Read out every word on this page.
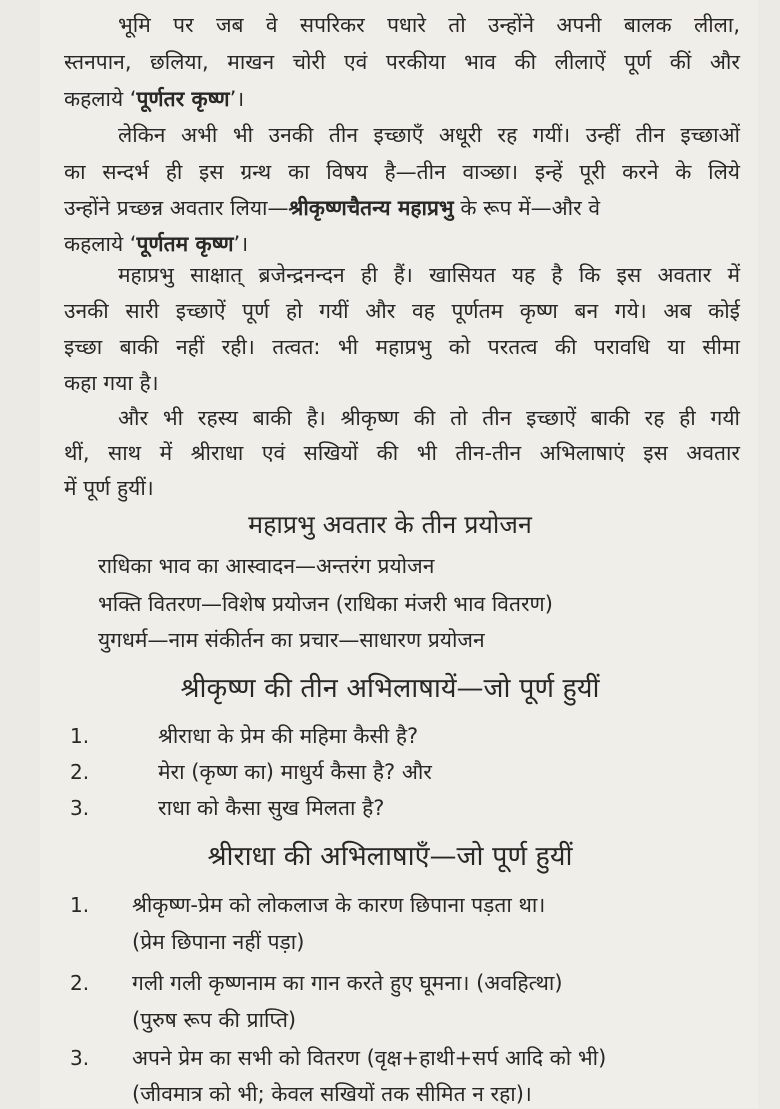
भूमि पर जब वे सपरिकर पधारे तो उन्होंने अपनी बालक लीला,
स्तनपान, छलिया, माखन चोरी एवं परकीया भाव की लीलाऐं पूर्ण कीं और
कहलाये ‘पूर्णतर कृष्ण’।
लेकिन अभी भी उनकी तीन इच्छाएँ अधूरी रह गयीं। उन्हीं तीन इच्छाओं
का सन्दर्भ ही इस ग्रन्थ का विषय है—तीन वाञ्छा। इन्हें पूरी करने के लिये
उन्होंने प्रच्छन्न अवतार लिया—श्रीकृष्णचैतन्य महाप्रभु के रूप में—और वे
कहलाये ‘पूर्णतम कृष्ण’।
महाप्रभु साक्षात् ब्रजेन्द्रनन्दन ही हैं। खासियत यह है कि इस अवतार में
उनकी सारी इच्छाऐं पूर्ण हो गयीं और वह पूर्णतम कृष्ण बन गये। अब कोई
इच्छा बाकी नहीं रही। तत्वत: भी महाप्रभु को परतत्व की परावधि या सीमा
कहा गया है।
और भी रहस्य बाकी है। श्रीकृष्ण की तो तीन इच्छाऐं बाकी रह ही गयी
थीं, साथ में श्रीराधा एवं सखियों की भी तीन-तीन अभिलाषाएं इस अवतार
में पूर्ण हुयीं।
महाप्रभु अवतार के तीन प्रयोजन
राधिका भाव का आस्वादन—अन्तरंग प्रयोजन
भक्ति वितरण—विशेष प्रयोजन (राधिका मंजरी भाव वितरण)
युगधर्म—नाम संकीर्तन का प्रचार—साधारण प्रयोजन
श्रीकृष्ण की तीन अभिलाषायें—जो पूर्ण हुयीं
1.	श्रीराधा के प्रेम की महिमा कैसी है?
2.	मेरा (कृष्ण का) माधुर्य कैसा है? और
3.	राधा को कैसा सुख मिलता है?
श्रीराधा की अभिलाषाएँ—जो पूर्ण हुयीं
1. श्रीकृष्ण-प्रेम को लोकलाज के कारण छिपाना पड़ता था।
(प्रेम छिपाना नहीं पड़ा)
2. गली गली कृष्णनाम का गान करते हुए घूमना। (अवहित्था)
(पुरुष रूप की प्राप्ति)
3. अपने प्रेम का सभी को वितरण (वृक्ष+हाथी+सर्प आदि को भी)
(जीवमात्र को भी; केवल सखियों तक सीमित न रहा)।
